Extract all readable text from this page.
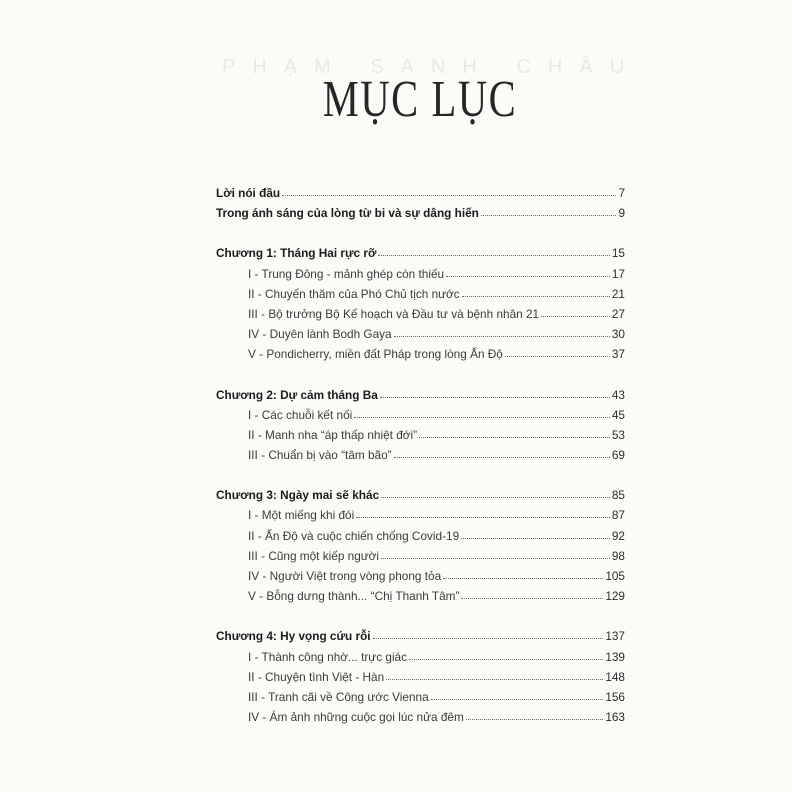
PHẠM SANH CHÂU
MỤC LỤC
Lời nói đầu	7
Trong ánh sáng của lòng từ bi và sự dâng hiến	9
Chương 1: Tháng Hai rực rỡ	15
I - Trung Đông - mảnh ghép còn thiếu	17
II - Chuyến thăm của Phó Chủ tịch nước	21
III - Bộ trưởng Bộ Kế hoạch và Đầu tư và bệnh nhân 21	27
IV - Duyên lành Bodh Gaya	30
V - Pondicherry, miền đất Pháp trong lòng Ấn Độ	37
Chương 2: Dự cảm tháng Ba	43
I - Các chuỗi kết nối	45
II - Manh nha “áp thấp nhiệt đới”	53
III - Chuẩn bị vào “tâm bão”	69
Chương 3: Ngày mai sẽ khác	85
I - Một miếng khi đói	87
II - Ấn Độ và cuộc chiến chống Covid-19	92
III - Cũng một kiếp người	98
IV - Người Việt trong vòng phong tỏa	105
V - Bỗng dưng thành... “Chị Thanh Tâm”	129
Chương 4: Hy vọng cứu rỗi	137
I - Thành công nhờ... trực giác	139
II - Chuyện tình Việt - Hàn	148
III - Tranh cãi về Công ước Vienna	156
IV - Ám ảnh những cuộc gọi lúc nửa đêm	163
